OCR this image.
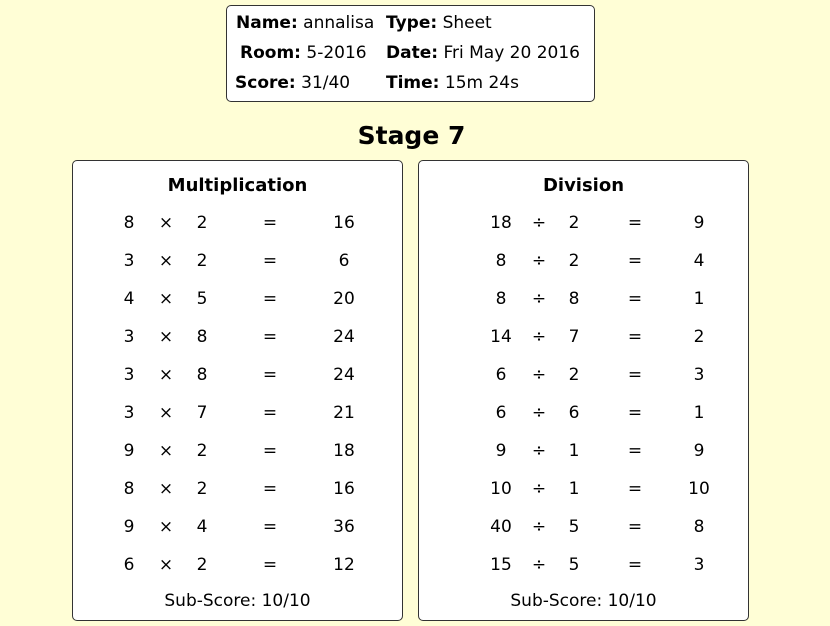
Name: annalisa Type: Sheet
Room: 5-2016 Date: Fri May 20 2016
Score: 31/40 Time: 15m 24s
Stage 7
Multiplication
8	×	2	=	16
3	×	2	=	6
4	×	5	=	20
3	×	8	=	24
3	×	8	=	24
3	×	7	=	21
9	×	2	=	18
8	×	2	=	16
9	×	4	=	36
6	×	2	=	12
Sub-Score: 10/10
Division
18	÷	2	=	9
8	÷	2	=	4
8	÷	8	=	1
14	÷	7	=	2
6	÷	2	=	3
6	÷	6	=	1
9	÷	1	=	9
10	÷	1	=	10
40	÷	5	=	8
15	÷	5	=	3
Sub-Score: 10/10
